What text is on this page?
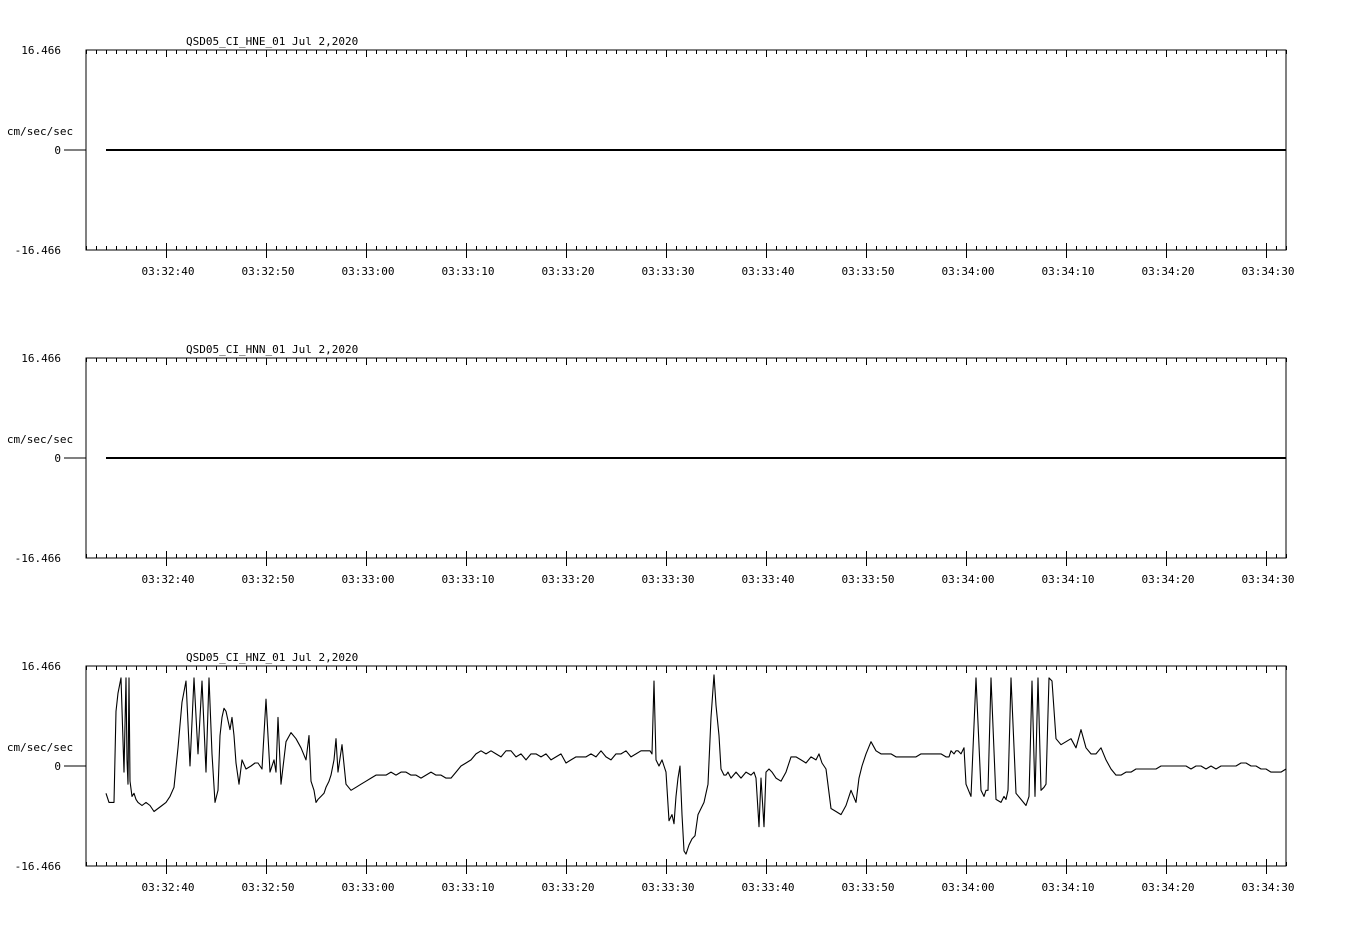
QSD05_CI_HNE_01 Jul 2,2020
16.466
0
-16.466
cm/sec/sec
03:32:40	03:32:50	03:33:00	03:33:10	03:33:20	03:33:30	03:33:40	03:33:50	03:34:00	03:34:10	03:34:20	03:34:30
QSD05_CI_HNN_01 Jul 2,2020
16.466
0
-16.466
cm/sec/sec
03:32:40	03:32:50	03:33:00	03:33:10	03:33:20	03:33:30	03:33:40	03:33:50	03:34:00	03:34:10	03:34:20	03:34:30
QSD05_CI_HNZ_01 Jul 2,2020
16.466
0
-16.466
cm/sec/sec
03:32:40	03:32:50	03:33:00	03:33:10	03:33:20	03:33:30	03:33:40	03:33:50	03:34:00	03:34:10	03:34:20	03:34:30
